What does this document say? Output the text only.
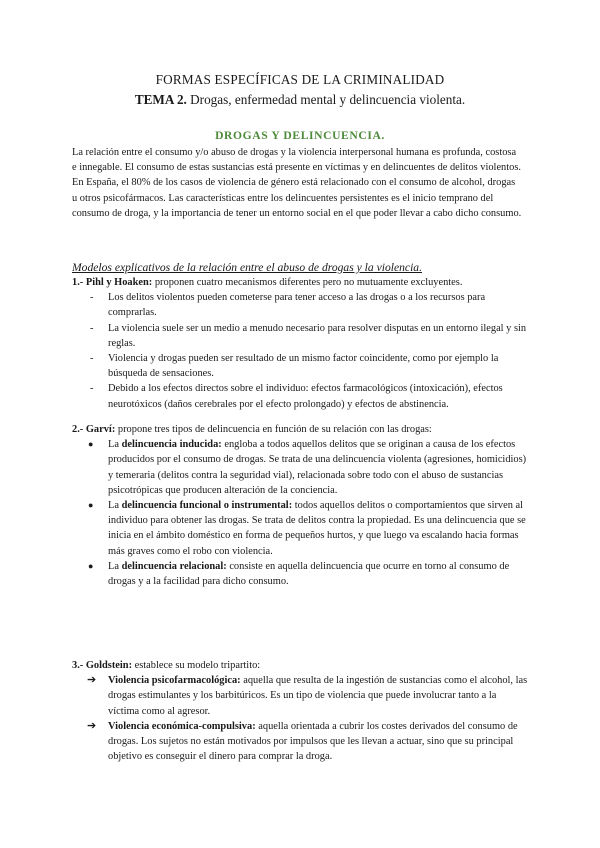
FORMAS ESPECÍFICAS DE LA CRIMINALIDAD
TEMA 2. Drogas, enfermedad mental y delincuencia violenta.
DROGAS Y DELINCUENCIA.
La relación entre el consumo y/o abuso de drogas y la violencia interpersonal humana es profunda, costosa e innegable. El consumo de estas sustancias está presente en víctimas y en delincuentes de delitos violentos. En España, el 80% de los casos de violencia de género está relacionado con el consumo de alcohol, drogas u otros psicofármacos. Las características entre los delincuentes persistentes es el inicio temprano del consumo de droga, y la importancia de tener un entorno social en el que poder llevar a cabo dicho consumo.
Modelos explicativos de la relación entre el abuso de drogas y la violencia.

1.- Pihl y Hoaken: proponen cuatro mecanismos diferentes pero no mutuamente excluyentes.

- Los delitos violentos pueden cometerse para tener acceso a las drogas o a los recursos para comprarlas.
- La violencia suele ser un medio a menudo necesario para resolver disputas en un entorno ilegal y sin reglas.
- Violencia y drogas pueden ser resultado de un mismo factor coincidente, como por ejemplo la búsqueda de sensaciones.
- Debido a los efectos directos sobre el individuo: efectos farmacológicos (intoxicación), efectos neurotóxicos (daños cerebrales por el efecto prolongado) y efectos de abstinencia.

2.- Garví: propone tres tipos de delincuencia en función de su relación con las drogas:

● La delincuencia inducida: engloba a todos aquellos delitos que se originan a causa de los efectos producidos por el consumo de drogas. Se trata de una delincuencia violenta (agresiones, homicidios) y temeraria (delitos contra la seguridad vial), relacionada sobre todo con el abuso de sustancias psicotrópicas que producen alteración de la conciencia.
● La delincuencia funcional o instrumental: todos aquellos delitos o comportamientos que sirven al individuo para obtener las drogas. Se trata de delitos contra la propiedad. Es una delincuencia que se inicia en el ámbito doméstico en forma de pequeños hurtos, y que luego va escalando hacia formas más graves como el robo con violencia.
● La delincuencia relacional: consiste en aquella delincuencia que ocurre en torno al consumo de drogas y a la facilidad para dicho consumo.

3.- Goldstein: establece su modelo tripartito:

➔ Violencia psicofarmacológica: aquella que resulta de la ingestión de sustancias como el alcohol, las drogas estimulantes y los barbitúricos. Es un tipo de violencia que puede involucrar tanto a la víctima como al agresor.
➔ Violencia económica-compulsiva: aquella orientada a cubrir los costes derivados del consumo de drogas. Los sujetos no están motivados por impulsos que les llevan a actuar, sino que su principal objetivo es conseguir el dinero para comprar la droga.
